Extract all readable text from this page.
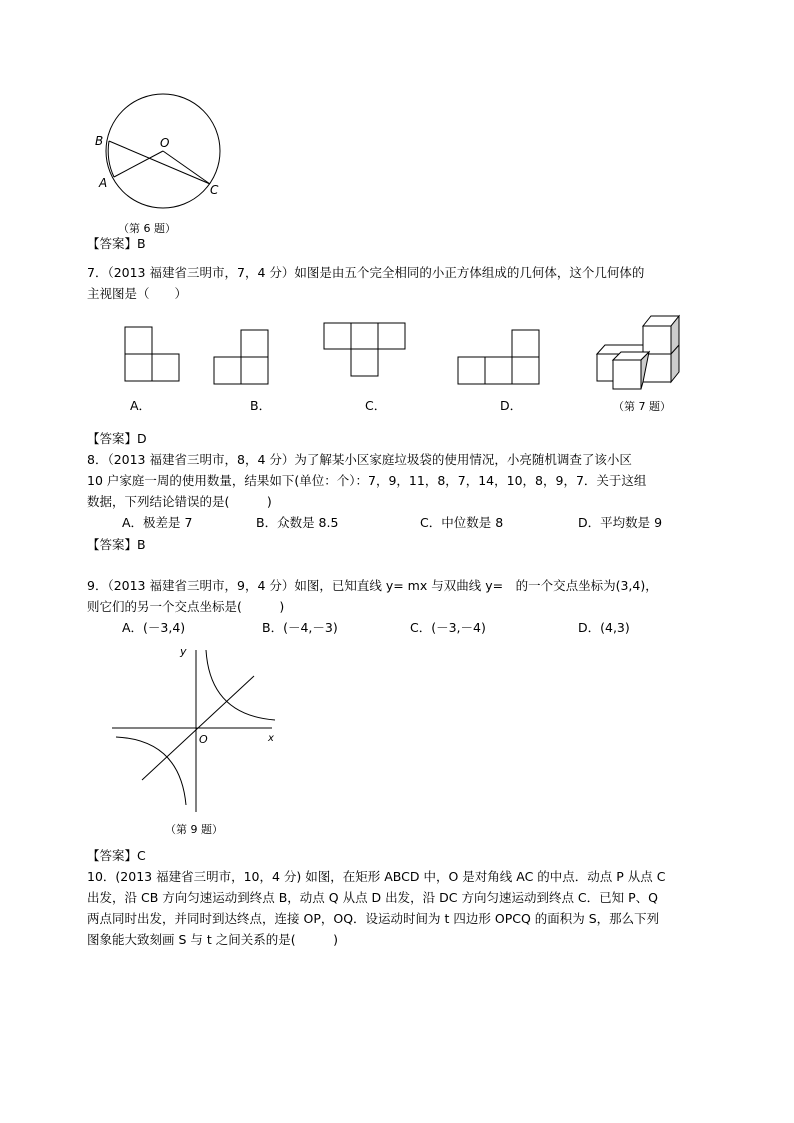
B
A
O
C
（第 6 题）
【答案】B
7．（2013 福建省三明市，7，4 分）如图是由五个完全相同的小正方体组成的几何体，这个几何体的
主视图是（　　）
A．	B．	C．	D．	（第 7 题）
【答案】D
8．（2013 福建省三明市，8，4 分）为了解某小区家庭垃圾袋的使用情况，小亮随机调查了该小区
10 户家庭一周的使用数量，结果如下(单位：个）：7，9，11，8，7，14，10，8，9，7．关于这组
数据，下列结论错误的是(　　　)
A．极差是 7	B．众数是 8.5	C．中位数是 8	D．平均数是 9
【答案】B
9．（2013 福建省三明市，9，4 分）如图，已知直线 y= mx 与双曲线 y=　的一个交点坐标为(3,4)，
则它们的另一个交点坐标是(　　　)
A．(－3,4)	B．(－4,－3)	C．(－3,－4)	D．(4,3)
y
x
O
（第 9 题）
【答案】C
10．(2013 福建省三明市，10，4 分) 如图，在矩形 ABCD 中，O 是对角线 AC 的中点．动点 P 从点 C
出发，沿 CB 方向匀速运动到终点 B，动点 Q 从点 D 出发，沿 DC 方向匀速运动到终点 C．已知 P、Q
两点同时出发，并同时到达终点，连接 OP，OQ．设运动时间为 t 四边形 OPCQ 的面积为 S，那么下列
图象能大致刻画 S 与 t 之间关系的是(　　　)
